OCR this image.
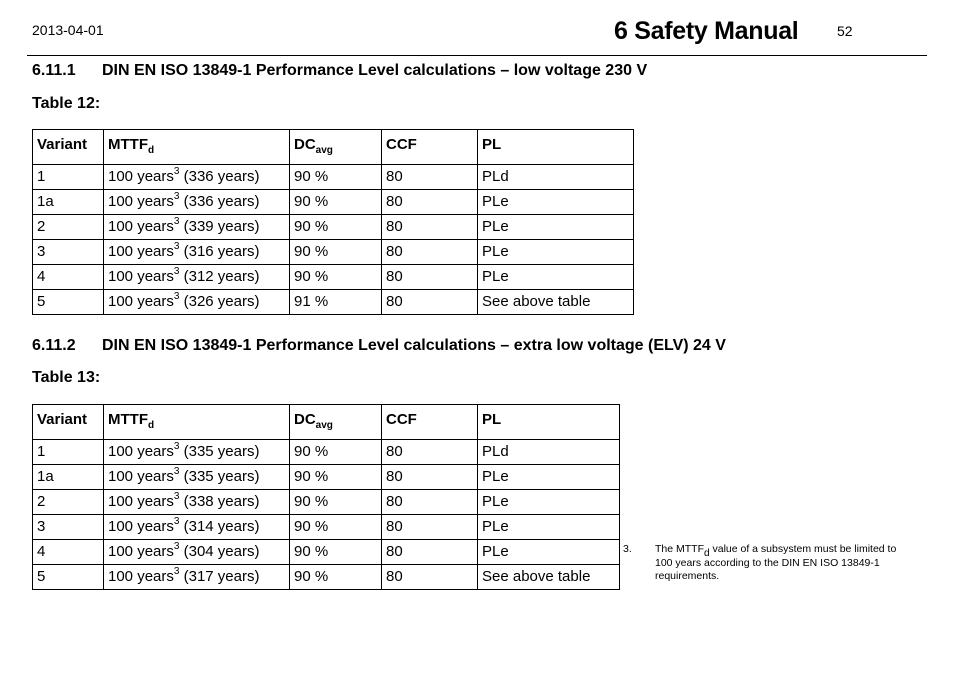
2013-04-01	6 Safety Manual	52
6.11.1 DIN EN ISO 13849-1 Performance Level calculations – low voltage 230 V
Table 12:
Variant	$MTTF_d$	$DC_{avg}$	CCF	PL
1	100 years$^3$ (336 years)	90 %	80	PLd
1a	100 years$^3$ (336 years)	90 %	80	PLe
2	100 years$^3$ (339 years)	90 %	80	PLe
3	100 years$^3$ (316 years)	90 %	80	PLe
4	100 years$^3$ (312 years)	90 %	80	PLe
5	100 years$^3$ (326 years)	91 %	80	See above table
6.11.2 DIN EN ISO 13849-1 Performance Level calculations – extra low voltage (ELV) 24 V
Table 13:
Variant	$MTTF_d$	$DC_{avg}$	CCF	PL
1	100 years$^3$ (335 years)	90 %	80	PLd
1a	100 years$^3$ (335 years)	90 %	80	PLe
2	100 years$^3$ (338 years)	90 %	80	PLe
3	100 years$^3$ (314 years)	90 %	80	PLe
4	100 years$^3$ (304 years)	90 %	80	PLe
5	100 years$^3$ (317 years)	90 %	80	See above table
3. The $MTTF_d$ value of a subsystem must be limited to 100 years according to the DIN EN ISO 13849-1 requirements.
